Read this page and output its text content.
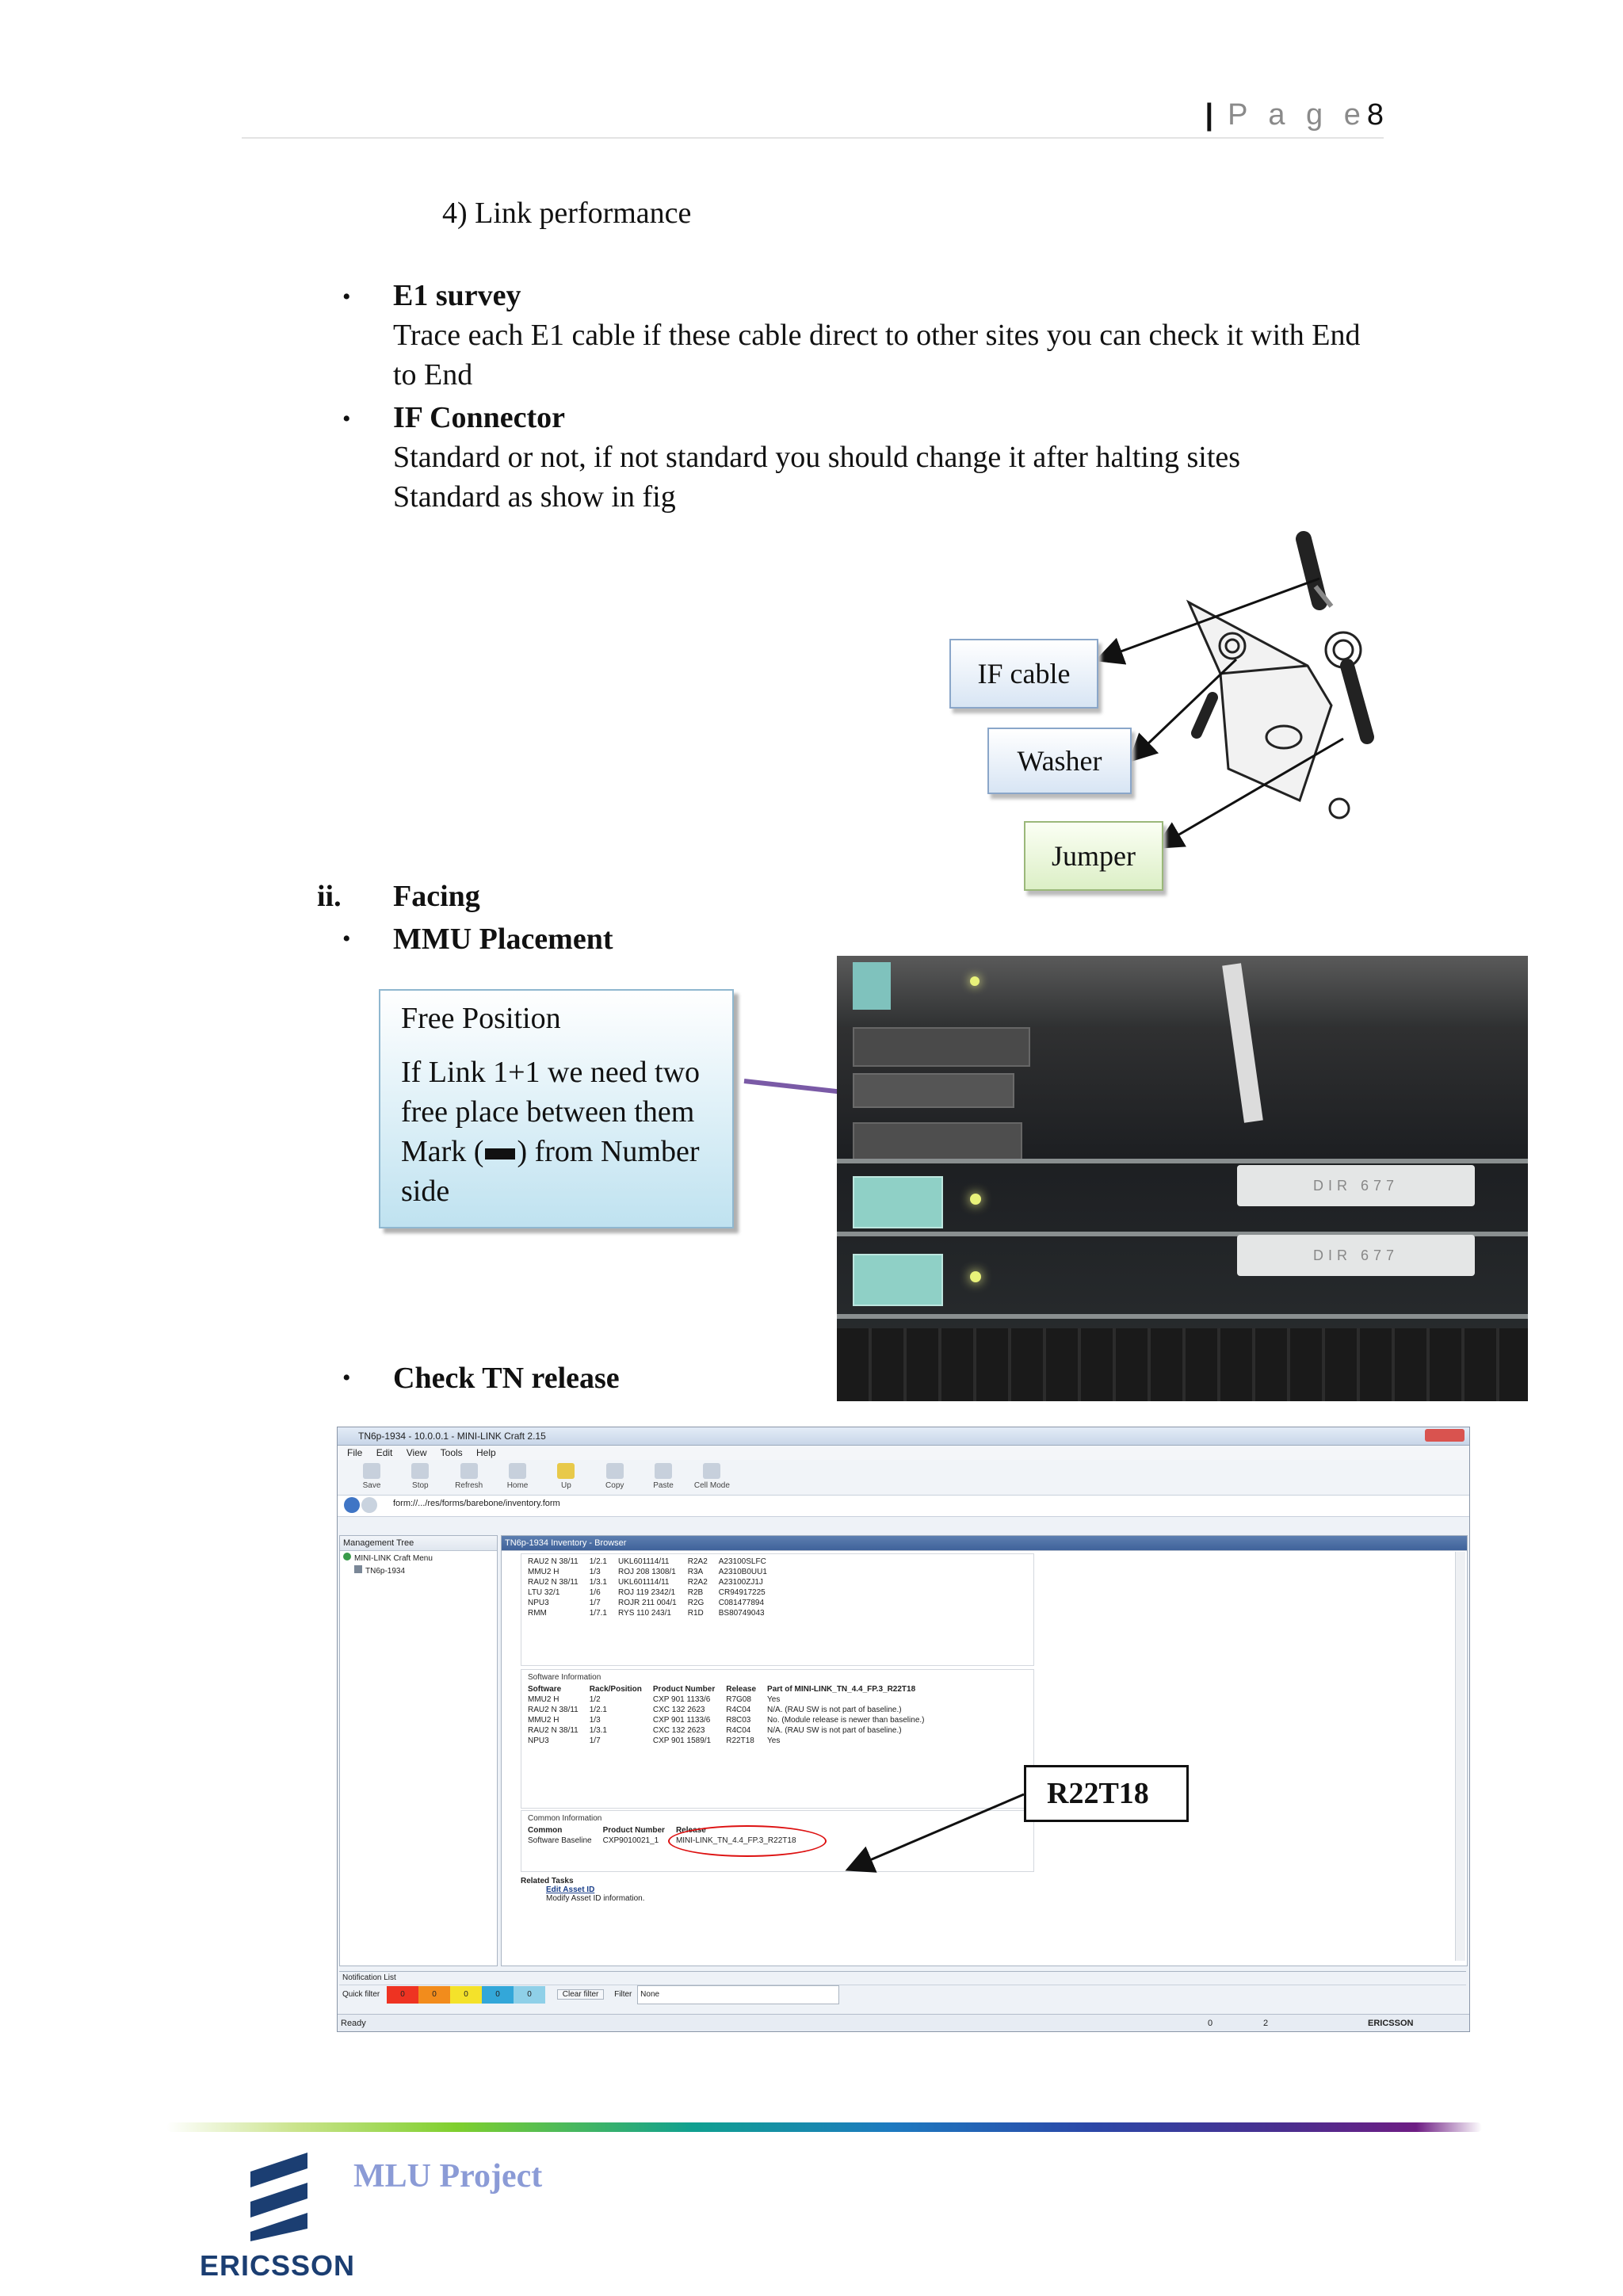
| P a g e8
4) Link performance
• E1 survey
Trace each E1 cable if these cable direct to other sites you can check it with End to End
• IF Connector
Standard or not, if not standard you should change it after halting sites
Standard as show in fig
IF cable
Washer
Jumper
ii. Facing
• MMU Placement
Free Position
If Link 1+1 we need two free place between them Mark ( ) from Number side	DIR 677
DIR 677
• Check TN release
TN6p-1934 - 10.0.0.1 - MINI-LINK Craft 2.15
File Edit View Tools Help
Save	Stop	Refresh	Home	Up	Copy	Paste	Cell Mode
form://.../res/forms/barebone/inventory.form
Management Tree
MINI-LINK Craft Menu
TN6p-1934
TN6p-1934 Inventory - Browser
RAU2 N 38/11	1/2.1	UKL601114/11	R2A2	A23100SLFC
MMU2 H	1/3	ROJ 208 1308/1	R3A	A2310B0UU1
RAU2 N 38/11	1/3.1	UKL601114/11	R2A2	A23100ZJ1J
LTU 32/1	1/6	ROJ 119 2342/1	R2B	CR94917225
NPU3	1/7	ROJR 211 004/1	R2G	C081477894
RMM	1/7.1	RYS 110 243/1	R1D	BS80749043
Software Information
Software	Rack/Position	Product Number	Release	Part of MINI-LINK_TN_4.4_FP.3_R22T18
MMU2 H	1/2	CXP 901 1133/6	R7G08	Yes
RAU2 N 38/11	1/2.1	CXC 132 2623	R4C04	N/A. (RAU SW is not part of baseline.)
MMU2 H	1/3	CXP 901 1133/6	R8C03	No. (Module release is newer than baseline.)
RAU2 N 38/11	1/3.1	CXC 132 2623	R4C04	N/A. (RAU SW is not part of baseline.)
NPU3	1/7	CXP 901 1589/1	R22T18	Yes
Common Information
Common	Product Number	Release
Software Baseline	CXP9010021_1	MINI-LINK_TN_4.4_FP.3_R22T18
Related Tasks
Edit Asset ID
Modify Asset ID information.
Notification List
Quick filter	0	0	0	0	0	Clear filter Filter None
Ready	0	2	ERICSSON
R22T18
MLU Project
ERICSSON
